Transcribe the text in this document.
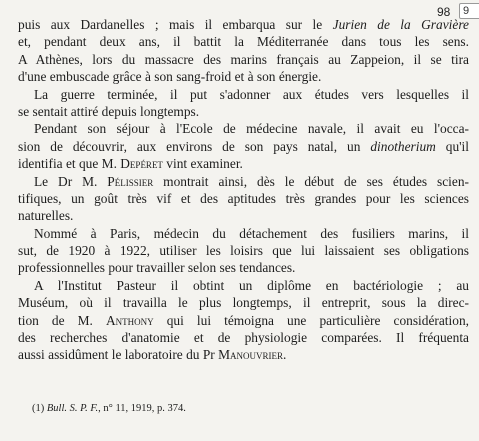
98	9
puis aux Dardanelles ; mais il embarqua sur le Jurien de la Gravière
et, pendant deux ans, il battit la Méditerranée dans tous les sens.
A Athènes, lors du massacre des marins français au Zappeion, il se tira
d'une embuscade grâce à son sang-froid et à son énergie.
La guerre terminée, il put s'adonner aux études vers lesquelles il
se sentait attiré depuis longtemps.
Pendant son séjour à l'Ecole de médecine navale, il avait eu l'occa-
sion de découvrir, aux environs de son pays natal, un dinotherium qu'il
identifia et que M. Depéret vint examiner.
Le Dr M. Pélissier montrait ainsi, dès le début de ses études scien-
tifiques, un goût très vif et des aptitudes très grandes pour les sciences
naturelles.
Nommé à Paris, médecin du détachement des fusiliers marins, il
sut, de 1920 à 1922, utiliser les loisirs que lui laissaient ses obligations
professionnelles pour travailler selon ses tendances.
A l'Institut Pasteur il obtint un diplôme en bactériologie ; au
Muséum, où il travailla le plus longtemps, il entreprit, sous la direc-
tion de M. Anthony qui lui témoigna une particulière considération,
des recherches d'anatomie et de physiologie comparées. Il fréquenta
aussi assidûment le laboratoire du Pr Manouvrier.
(1) Bull. S. P. F., n° 11, 1919, p. 374.
